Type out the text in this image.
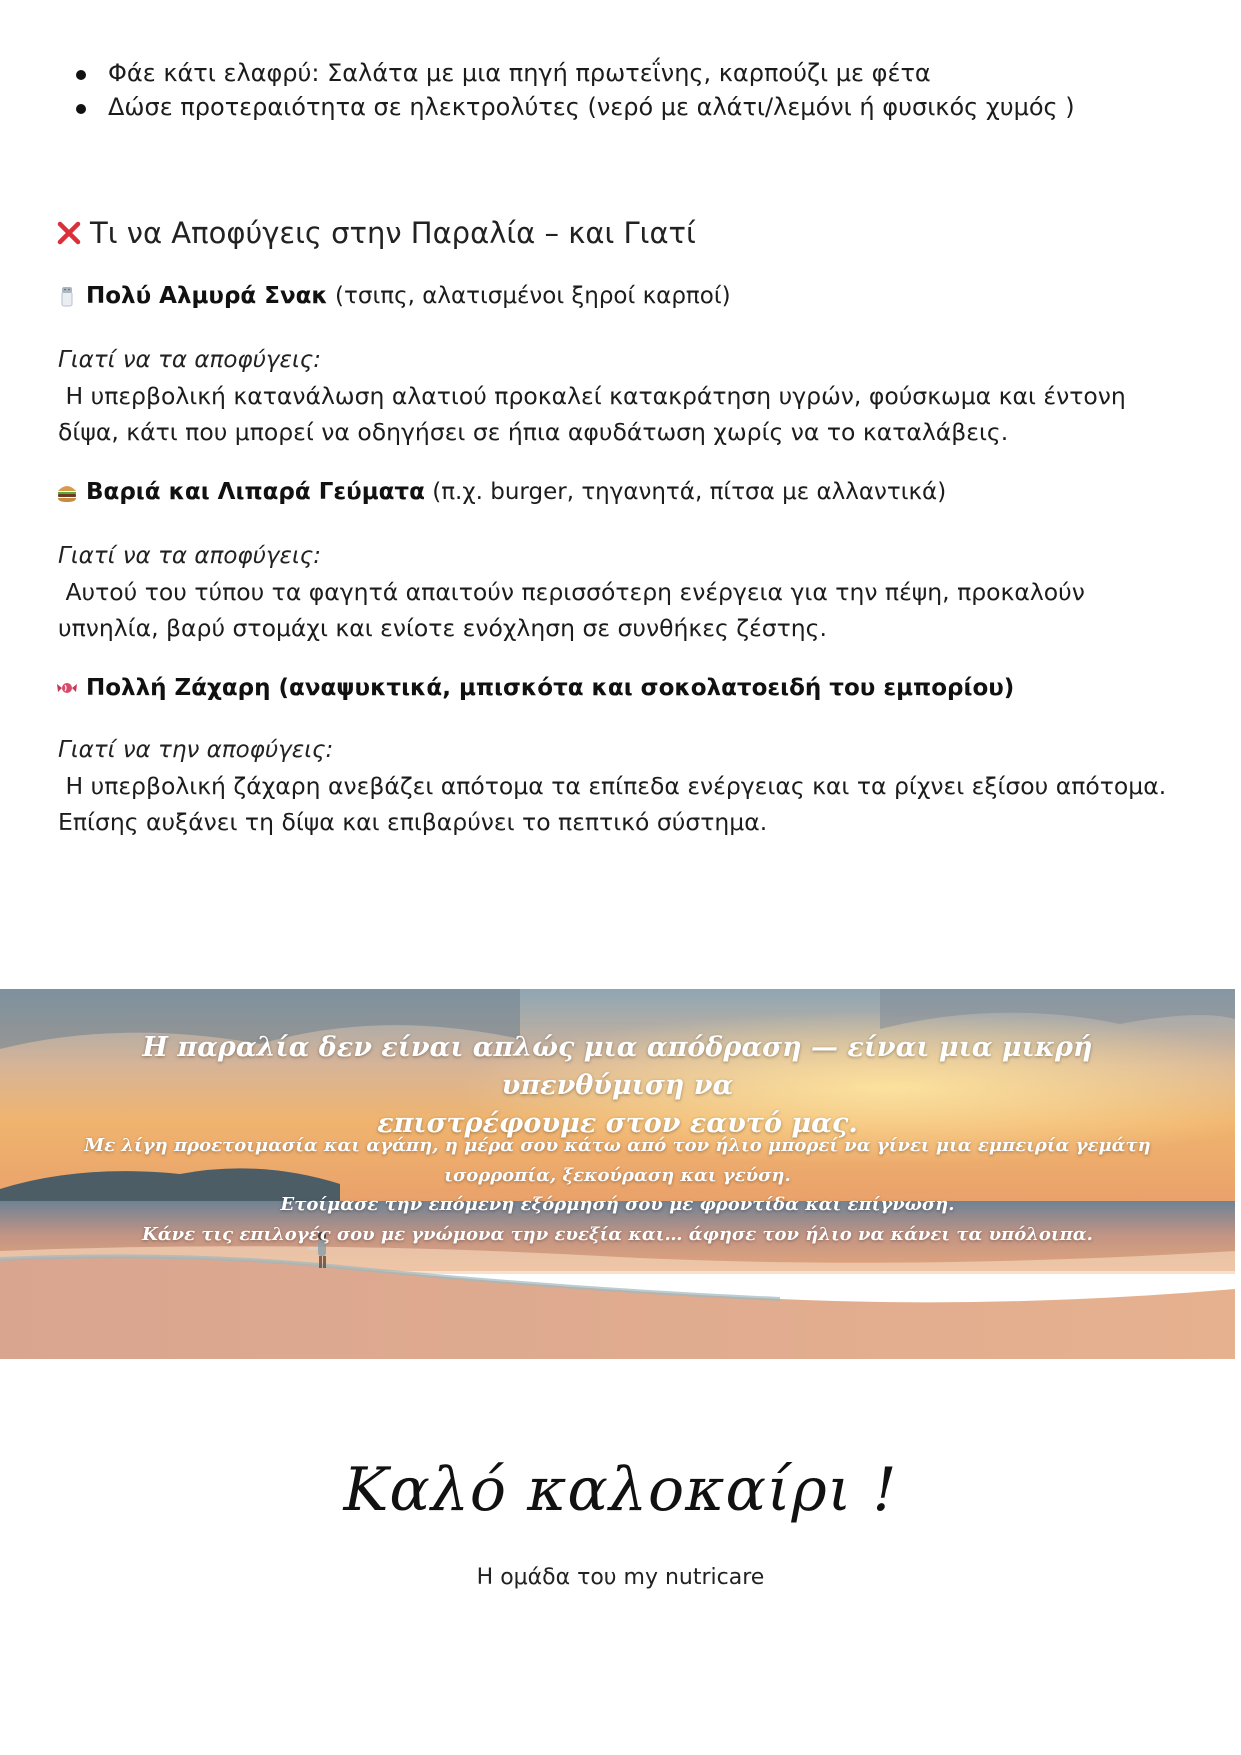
Φάε κάτι ελαφρύ: Σαλάτα με μια πηγή πρωτεΐνης, καρπούζι με φέτα
Δώσε προτεραιότητα σε ηλεκτρολύτες (νερό με αλάτι/λεμόνι ή φυσικός χυμός )
Τι να Αποφύγεις στην Παραλία – και Γιατί
Πολύ Αλμυρά Σνακ (τσιπς, αλατισμένοι ξηροί καρποί)
Γιατί να τα αποφύγεις:
Η υπερβολική κατανάλωση αλατιού προκαλεί κατακράτηση υγρών, φούσκωμα και έντονη
δίψα, κάτι που μπορεί να οδηγήσει σε ήπια αφυδάτωση χωρίς να το καταλάβεις.
Βαριά και Λιπαρά Γεύματα (π.χ. burger, τηγανητά, πίτσα με αλλαντικά)
Γιατί να τα αποφύγεις:
Αυτού του τύπου τα φαγητά απαιτούν περισσότερη ενέργεια για την πέψη, προκαλούν
υπνηλία, βαρύ στομάχι και ενίοτε ενόχληση σε συνθήκες ζέστης.
Πολλή Ζάχαρη (αναψυκτικά, μπισκότα και σοκολατοειδή του εμπορίου)
Γιατί να την αποφύγεις:
Η υπερβολική ζάχαρη ανεβάζει απότομα τα επίπεδα ενέργειας και τα ρίχνει εξίσου απότομα.
Επίσης αυξάνει τη δίψα και επιβαρύνει το πεπτικό σύστημα.
Η παραλία δεν είναι απλώς μια απόδραση — είναι μια μικρή υπενθύμιση να
επιστρέφουμε στον εαυτό μας.
Με λίγη προετοιμασία και αγάπη, η μέρα σου κάτω από τον ήλιο μπορεί να γίνει μια εμπειρία γεμάτη
ισορροπία, ξεκούραση και γεύση.
Ετοίμασε την επόμενη εξόρμησή σου με φροντίδα και επίγνωση.
Κάνε τις επιλογές σου με γνώμονα την ευεξία και… άφησε τον ήλιο να κάνει τα υπόλοιπα.
Καλό καλοκαίρι !
Η ομάδα του my nutricare
